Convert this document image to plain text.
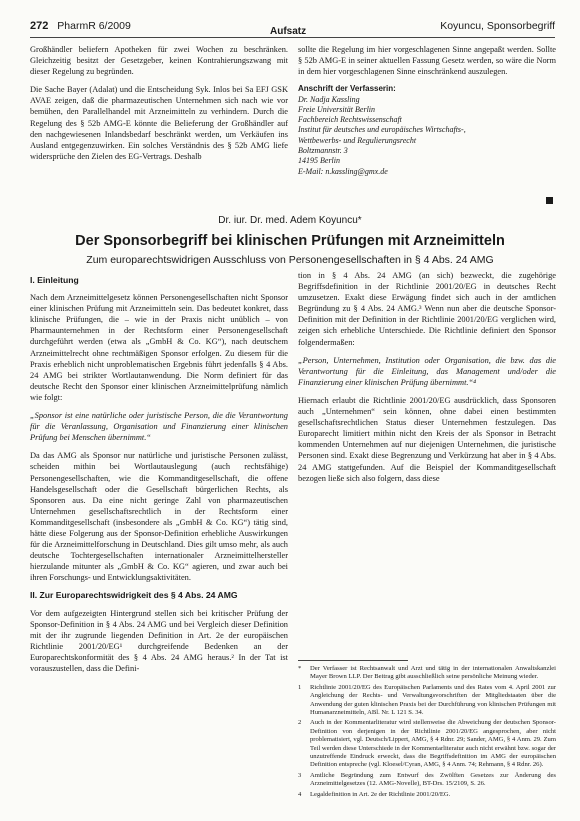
272 PharmR 6/2009	Aufsatz	Koyuncu, Sponsorbegriff

Großhändler beliefern Apotheken für zwei Wochen zu beschränken. Gleichzeitig besitzt der Gesetzgeber, keinen Kontrahierungszwang mit dieser Regelung zu begründen.

Die Sache Bayer (Adalat) und die Entscheidung Syk. Inlos bei Sa EFJ GSK AVAE zeigen, daß die pharmazeutischen Unternehmen sich nach wie vor bemühen, den Parallelhandel mit Arzneimitteln zu verhindern. Durch die Regelung des § 52b AMG-E könnte die Belieferung der Großhändler auf den nachgewiesenen Inlandsbedarf beschränkt werden, um Verkäufen ins Ausland entgegenzuwirken. Ein solches Verständnis des § 52b AMG liefe widersprüche den Zielen des EG-Vertrags. Deshalb

sollte die Regelung im hier vorgeschlagenen Sinne angepaßt werden. Sollte § 52b AMG-E in seiner aktuellen Fassung Gesetz werden, so wäre die Norm in dem hier vorgeschlagenen Sinne einschränkend auszulegen.

Anschrift der Verfasserin:
Dr. Nadja Kassling
Freie Universität Berlin
Fachbereich Rechtswissenschaft
Institut für deutsches und europäisches Wirtschafts-,
Wettbewerbs- und Regulierungsrecht
Boltzmannstr. 3
14195 Berlin
E-Mail: n.kassling@gmx.de
Dr. iur. Dr. med. Adem Koyuncu*
Der Sponsorbegriff bei klinischen Prüfungen mit Arzneimitteln
Zum europarechtswidrigen Ausschluss von Personengesellschaften in § 4 Abs. 24 AMG
I. Einleitung

Nach dem Arzneimittelgesetz können Personengesellschaften nicht Sponsor einer klinischen Prüfung mit Arzneimitteln sein. Das bedeutet konkret, dass klinische Prüfungen, die – wie in der Praxis nicht unüblich – von Pharmaunternehmen in der Rechtsform einer Personengesellschaft durchgeführt werden (etwa als „GmbH & Co. KG“), nach deutschem Arzneimittelrecht ohne rechtmäßigen Sponsor erfolgen. Zu diesem für die Praxis erheblich nicht unproblematischen Ergebnis führt jedenfalls § 4 Abs. 24 AMG bei strikter Wortlautanwendung. Die Norm definiert für das deutsche Recht den Sponsor einer klinischen Arzneimittelprüfung nämlich wie folgt:

„Sponsor ist eine natürliche oder juristische Person, die die Verantwortung für die Veranlassung, Organisation und Finanzierung einer klinischen Prüfung bei Menschen übernimmt.“

Da das AMG als Sponsor nur natürliche und juristische Personen zulässt, scheiden mithin bei Wortlautauslegung (auch rechtsfähige) Personengesellschaften, wie die Kommanditgesellschaft, die offene Handelsgesellschaft oder die Gesellschaft bürgerlichen Rechts, als Sponsoren aus. Da eine nicht geringe Zahl von pharmazeutischen Unternehmen gesellschaftsrechtlich in der Rechtsform einer Kommanditgesellschaft (insbesondere als „GmbH & Co. KG“) tätig sind, hätte diese Folgerung aus der Sponsor-Definition erhebliche Auswirkungen für die Arzneimittelforschung in Deutschland. Dies gilt umso mehr, als auch deutsche Tochtergesellschaften internationaler Arzneimittelhersteller hierzulande mitunter als „GmbH & Co. KG“ agieren, und zwar auch bei ihren Forschungs- und Entwicklungsaktivitäten.

II. Zur Europarechtswidrigkeit des § 4 Abs. 24 AMG

Vor dem aufgezeigten Hintergrund stellen sich bei kritischer Prüfung der Sponsor-Definition in § 4 Abs. 24 AMG und bei Vergleich dieser Definition mit der ihr zugrunde liegenden Definition in Art. 2e der europäischen Richtlinie 2001/20/EG¹ durchgreifende Bedenken an der Europarechtskonformität des § 4 Abs. 24 AMG heraus.² In der Tat ist vorauszustellen, dass die Defini-

tion in § 4 Abs. 24 AMG (an sich) bezweckt, die zugehörige Begriffsdefinition in der Richtlinie 2001/20/EG in deutsches Recht umzusetzen. Exakt diese Erwägung findet sich auch in der amtlichen Begründung zu § 4 Abs. 24 AMG.³ Wenn nun aber die deutsche Sponsor-Definition mit der Definition in der Richtlinie 2001/20/EG verglichen wird, zeigen sich erhebliche Unterschiede. Die Richtlinie definiert den Sponsor folgendermaßen:

„Person, Unternehmen, Institution oder Organisation, die bzw. das die Verantwortung für die Einleitung, das Management und/oder die Finanzierung einer klinischen Prüfung übernimmt.“⁴

Hiernach erlaubt die Richtlinie 2001/20/EG ausdrücklich, dass Sponsoren auch „Unternehmen“ sein können, ohne dabei einen bestimmten gesellschaftsrechtlichen Status dieser Unternehmen festzulegen. Das Europarecht limitiert mithin nicht den Kreis der als Sponsor in Betracht kommenden Unternehmen auf nur diejenigen Unternehmen, die juristische Personen sind. Exakt diese Begrenzung und Verkürzung hat aber in § 4 Abs. 24 AMG stattgefunden. Auf die Beispiel der Kommanditgesellschaft bezogen ließe sich also folgern, dass diese

* Der Verfasser ist Rechtsanwalt und Arzt und tätig in der internationalen Anwaltskanzlei Mayer Brown LLP. Der Beitrag gibt ausschließlich seine persönliche Meinung wieder.
1 Richtlinie 2001/20/EG des Europäischen Parlaments und des Rates vom 4. April 2001 zur Angleichung der Rechts- und Verwaltungsvorschriften der Mitgliedstaaten über die Anwendung der guten klinischen Praxis bei der Durchführung von klinischen Prüfungen mit Humanarzneimitteln, ABl. Nr. L 121 S. 34.
2 Auch in der Kommentarliteratur wird stellenweise die Abweichung der deutschen Sponsor-Definition von derjenigen in der Richtlinie 2001/20/EG angesprochen, aber nicht problematisiert, vgl. Deutsch/Lippert, AMG, § 4 Rdnr. 29; Sander, AMG, § 4 Anm. 29. Zum Teil werden diese Unterschiede in der Kommentarliteratur auch nicht erwähnt bzw. sogar der unzutreffende Eindruck erweckt, dass die Begriffsdefinition im AMG der europäischen Definition entspreche (vgl. Kloesel/Cyran, AMG, § 4 Anm. 74; Rehmann, § 4 Rdnr. 26).
3 Amtliche Begründung zum Entwurf des Zwölften Gesetzes zur Änderung des Arzneimittelgesetzes (12. AMG-Novelle), BT-Drs. 15/2109, S. 26.
4 Legaldefinition in Art. 2e der Richtlinie 2001/20/EG.
